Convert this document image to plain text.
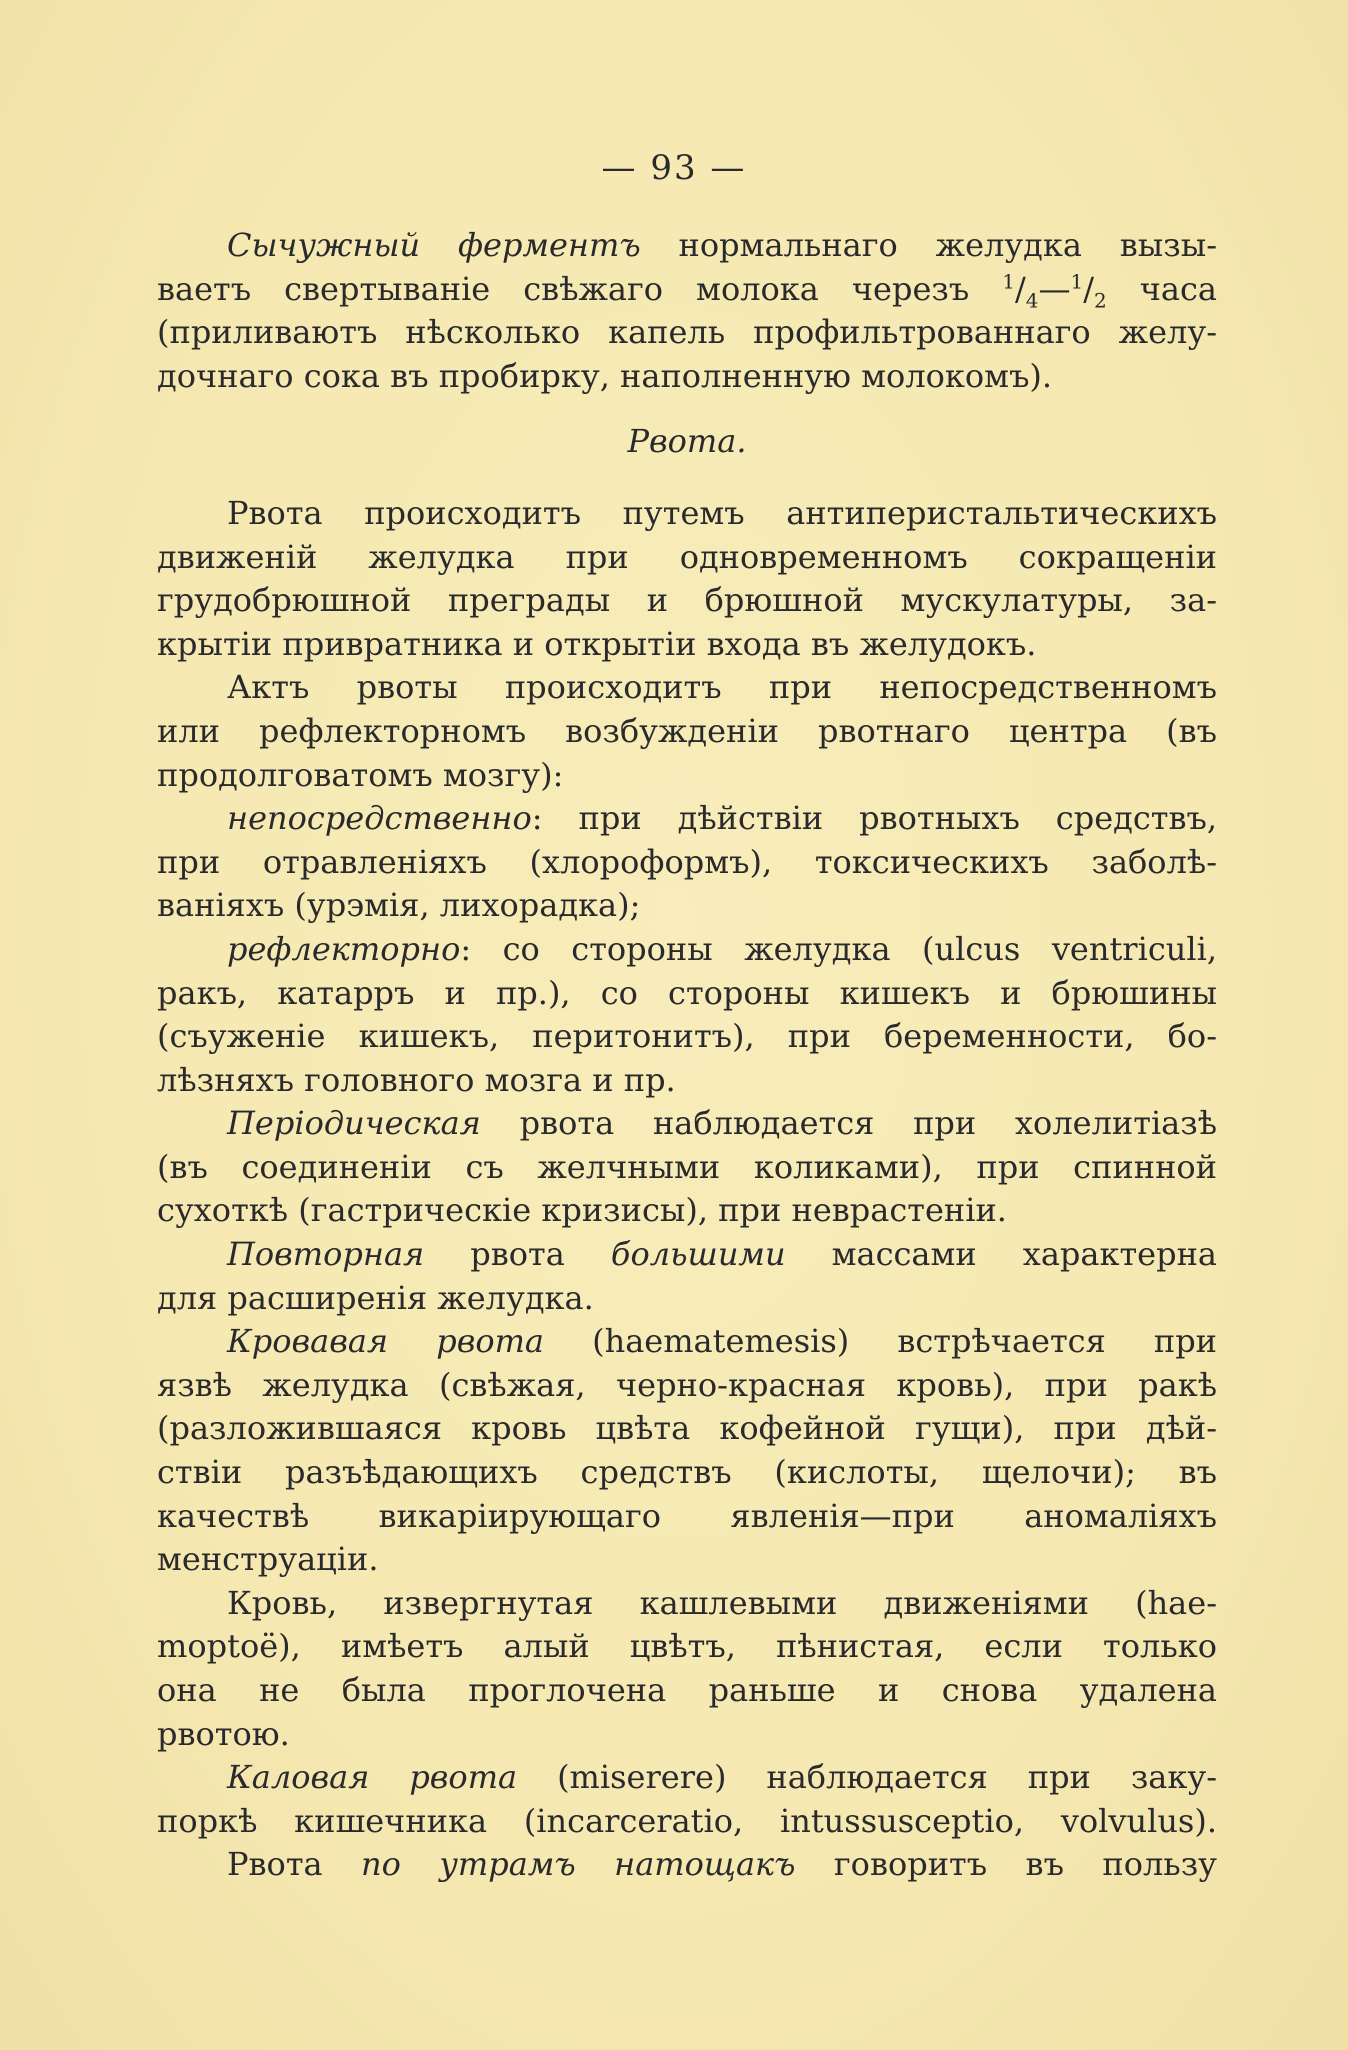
— 93 —
Сычужный ферментъ нормальнаго желудка вызы-
ваетъ свертываніе свѣжаго молока черезъ $^1/_4—^1/_2$ часа
(приливаютъ нѣсколько капель профильтрованнаго желу-
дочнаго сока въ пробирку, наполненную молокомъ).
Рвота.
Рвота происходитъ путемъ антиперистальтическихъ
движеній желудка при одновременномъ сокращеніи
грудобрюшной преграды и брюшной мускулатуры, за-
крытіи привратника и открытіи входа въ желудокъ.
Актъ рвоты происходитъ при непосредственномъ
или рефлекторномъ возбужденіи рвотнаго центра (въ
продолговатомъ мозгу):
непосредственно: при дѣйствіи рвотныхъ средствъ,
при отравленіяхъ (хлороформъ), токсическихъ заболѣ-
ваніяхъ (урэмія, лихорадка);
рефлекторно: со стороны желудка (ulcus ventriculi,
ракъ, катарръ и пр.), со стороны кишекъ и брюшины
(съуженіе кишекъ, перитонитъ), при беременности, бо-
лѣзняхъ головного мозга и пр.
Періодическая рвота наблюдается при холелитіазѣ
(въ соединеніи съ желчными коликами), при спинной
сухоткѣ (гастрическіе кризисы), при неврастеніи.
Повторная рвота большими массами характерна
для расширенія желудка.
Кровавая рвота (haematemesis) встрѣчается при
язвѣ желудка (свѣжая, черно-красная кровь), при ракѣ
(разложившаяся кровь цвѣта кофейной гущи), при дѣй-
ствіи разъѣдающихъ средствъ (кислоты, щелочи); въ
качествѣ викаріирующаго явленія—при аномаліяхъ
менструаціи.
Кровь, извергнутая кашлевыми движеніями (hae-
moptoë), имѣетъ алый цвѣтъ, пѣнистая, если только
она не была проглочена раньше и снова удалена
рвотою.
Каловая рвота (miserere) наблюдается при заку-
поркѣ кишечника (incarceratio, intussusceptio, volvulus).
Рвота по утрамъ натощакъ говоритъ въ пользу
